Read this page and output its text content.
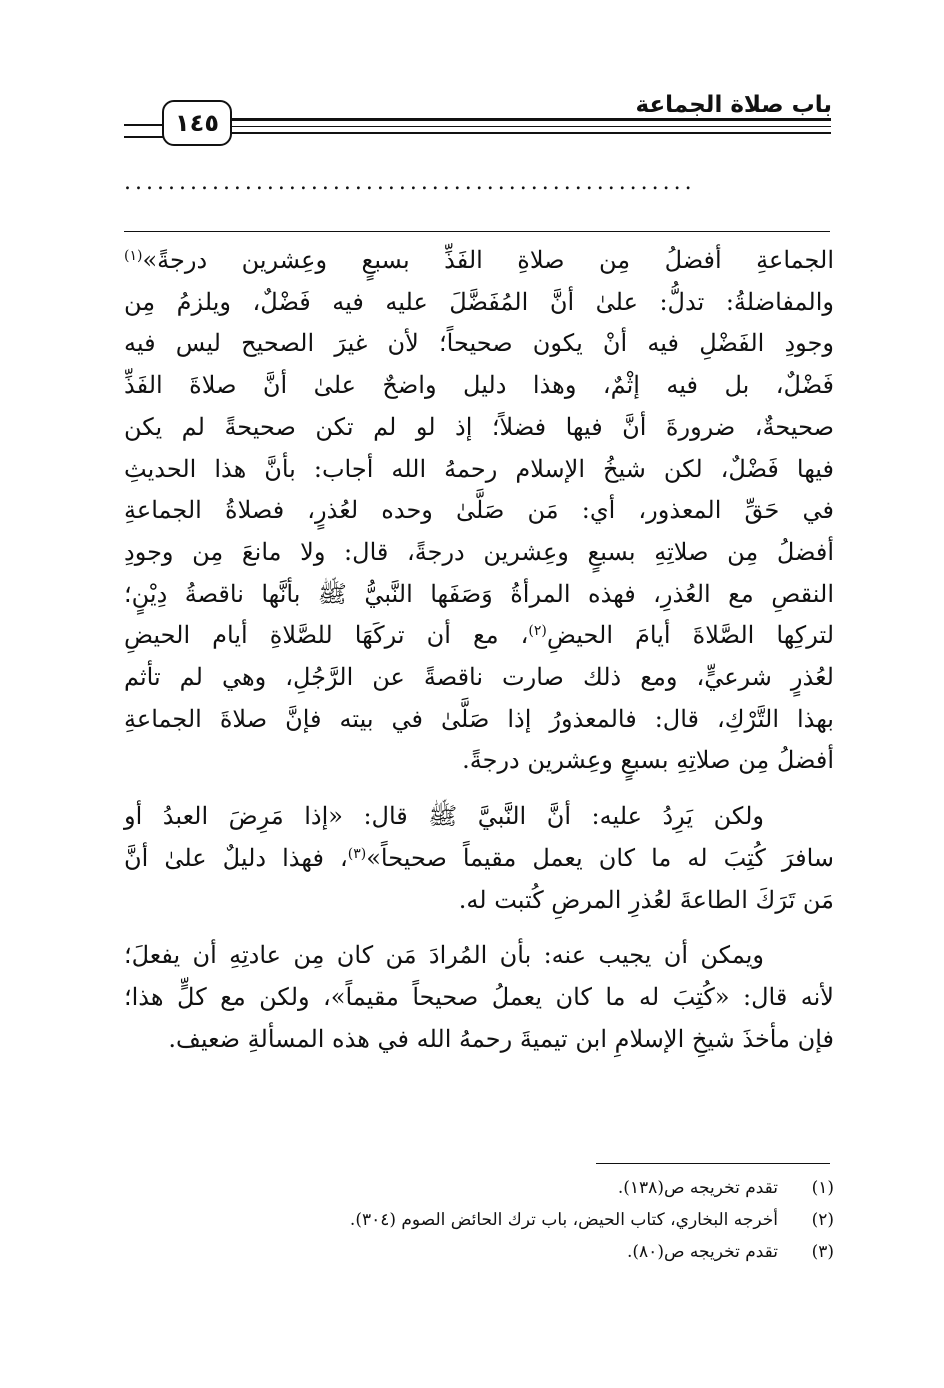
باب صلاة الجماعة
١٤٥
....................................................

الجماعةِ أفضلُ مِن صلاةِ الفَذِّ بسبعٍ وعِشرين درجةً»$^{(١)}$
والمفاضلةُ: تدلُّ: علىٰ أنَّ المُفَضَّلَ عليه فيه فَضْلٌ، ويلزمُ مِن
وجودِ الفَضْلِ فيه أنْ يكون صحيحاً؛ لأن غيرَ الصحيح ليس فيه
فَضْلٌ، بل فيه إثْمٌ، وهذا دليل واضحٌ علىٰ أنَّ صلاةَ الفَذِّ
صحيحةٌ، ضرورةَ أنَّ فيها فضلاً؛ إذ لو لم تكن صحيحةً لم يكن
فيها فَضْلٌ، لكن شيخُ الإسلام رحمهُ الله أجاب: بأنَّ هذا الحديثِ
في حَقِّ المعذور، أي: مَن صَلَّىٰ وحده لعُذرٍ، فصلاةُ الجماعةِ
أفضلُ مِن صلاتِهِ بسبعٍ وعِشرين درجةً، قال: ولا مانعَ مِن وجودِ
النقصِ مع العُذرِ، فهذه المرأةُ وَصَفَها النَّبيُّ ﷺ بأنَّها ناقصةُ دِيْنٍ؛
لتركِها الصَّلاةَ أيامَ الحيضِ$^{(٢)}$، مع أن تركَهَا للصَّلاةِ أيام الحيضِ
لعُذرٍ شرعيٍّ، ومع ذلك صارت ناقصةً عن الرَّجُلِ، وهي لم تأثم
بهذا التَّرْكِ، قال: فالمعذورُ إذا صَلَّىٰ في بيته فإنَّ صلاةَ الجماعةِ
أفضلُ مِن صلاتِهِ بسبعٍ وعِشرين درجةً.

ولكن يَرِدُ عليه: أنَّ النَّبيَّ ﷺ قال: «إذا مَرِضَ العبدُ أو
سافرَ كُتِبَ له ما كان يعمل مقيماً صحيحاً»$^{(٣)}$، فهذا دليلٌ علىٰ أنَّ
مَن تَرَكَ الطاعةَ لعُذرِ المرضِ كُتبت له.

ويمكن أن يجيب عنه: بأن المُرادَ مَن كان مِن عادتِهِ أن يفعلَ؛
لأنه قال: «كُتِبَ له ما كان يعملُ صحيحاً مقيماً»، ولكن مع كلٍّ هذا؛
فإن مأخذَ شيخِ الإسلامِ ابن تيميةَ رحمهُ الله في هذه المسألةِ ضعيف.

(١)
تقدم تخريجه ص(١٣٨).
(٢)
أخرجه البخاري، كتاب الحيض، باب ترك الحائض الصوم (٣٠٤).
(٣)
تقدم تخريجه ص(٨٠).
